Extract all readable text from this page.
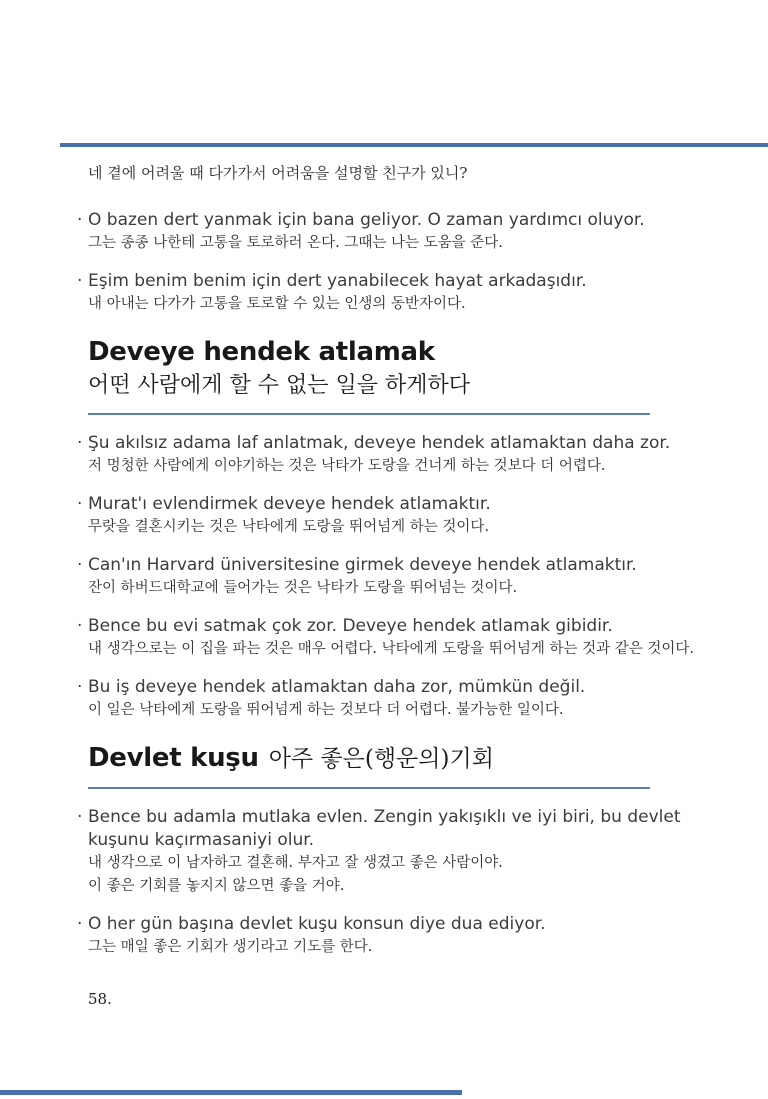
네 곁에 어려울 때 다가가서 어려움을 설명할 친구가 있니?

· O bazen dert yanmak için bana geliyor. O zaman yardımcı oluyor.
그는 종종 나한테 고통을 토로하러 온다. 그때는 나는 도움을 준다.
· Eşim benim benim için dert yanabilecek hayat arkadaşıdır.
내 아내는 다가가 고통을 토로할 수 있는 인생의 동반자이다.
Deveye hendek atlamak
어떤 사람에게 할 수 없는 일을 하게하다
· Şu akılsız adama laf anlatmak, deveye hendek atlamaktan daha zor.
저 멍청한 사람에게 이야기하는 것은 낙타가 도랑을 건너게 하는 것보다 더 어렵다.
· Murat'ı evlendirmek deveye hendek atlamaktır.
무랏을 결혼시키는 것은 낙타에게 도랑을 뛰어넘게 하는 것이다.
· Can'ın Harvard üniversitesine girmek deveye hendek atlamaktır.
잔이 하버드대학교에 들어가는 것은 낙타가 도랑을 뛰어넘는 것이다.
· Bence bu evi satmak çok zor. Deveye hendek atlamak gibidir.
내 생각으로는 이 집을 파는 것은 매우 어렵다. 낙타에게 도랑을 뛰어넘게 하는 것과 같은 것이다.
· Bu iş deveye hendek atlamaktan daha zor, mümkün değil.
이 일은 낙타에게 도랑을 뛰어넘게 하는 것보다 더 어렵다. 불가능한 일이다.
Devlet kuşu 아주 좋은(행운의)기회
· Bence bu adamla mutlaka evlen. Zengin yakışıklı ve iyi biri, bu devlet
kuşunu kaçırmasaniyi olur.
내 생각으로 이 남자하고 결혼해. 부자고 잘 생겼고 좋은 사람이야.
이 좋은 기회를 놓지지 않으면 좋을 거야.
· O her gün başına devlet kuşu konsun diye dua ediyor.
그는 매일 좋은 기회가 생기라고 기도를 한다.
58.
